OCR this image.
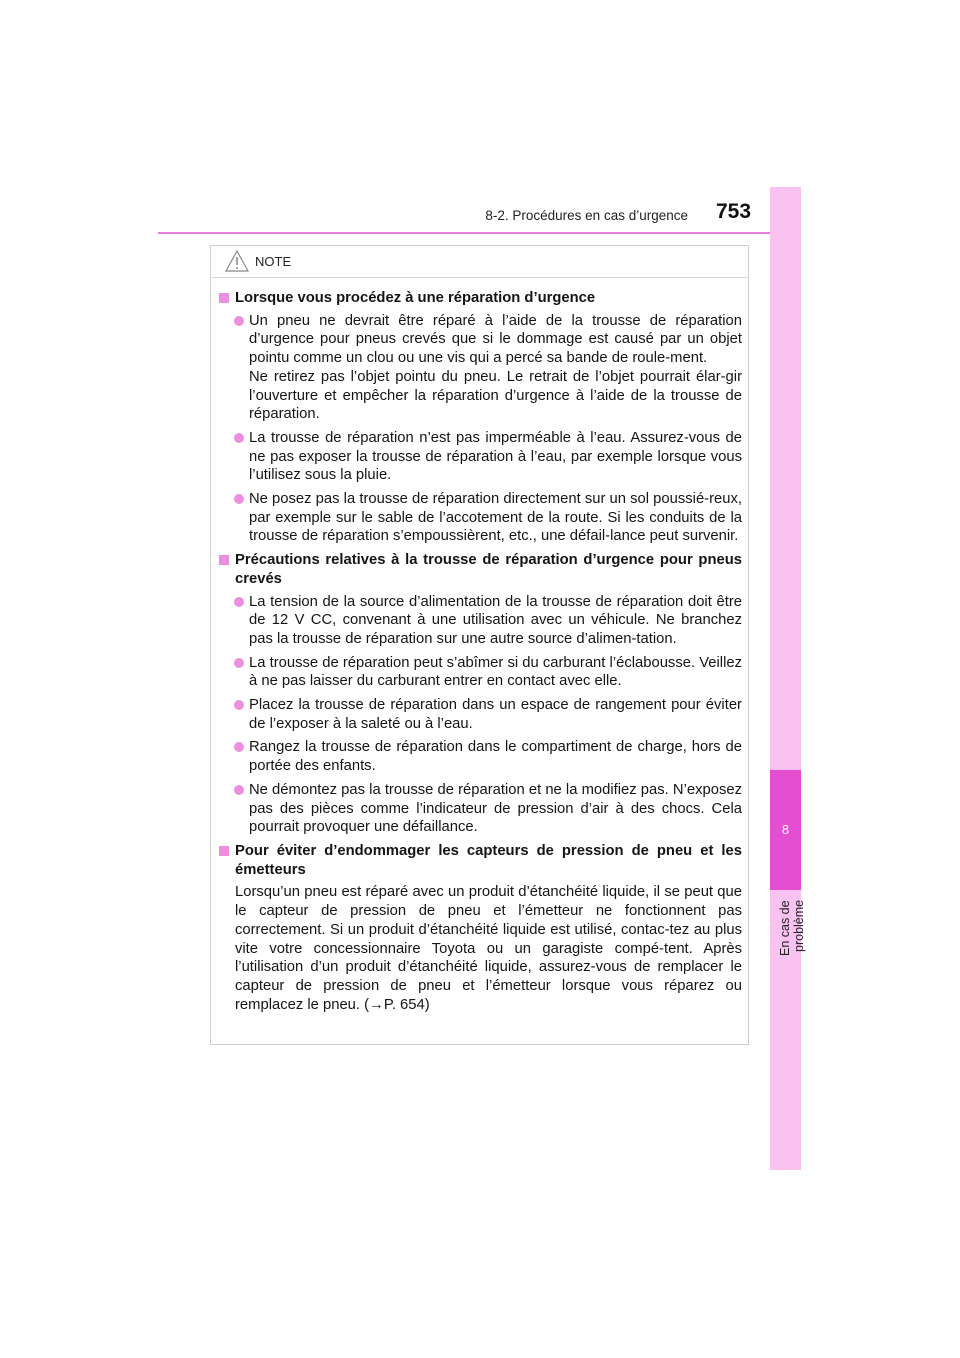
8-2. Procédures en cas d’urgence 753
8
En cas de problème
NOTE
Lorsque vous procédez à une réparation d’urgence
Un pneu ne devrait être réparé à l’aide de la trousse de réparation d’urgence pour pneus crevés que si le dommage est causé par un objet pointu comme un clou ou une vis qui a percé sa bande de roule-ment.
Ne retirez pas l’objet pointu du pneu. Le retrait de l’objet pourrait élar-gir l’ouverture et empêcher la réparation d’urgence à l’aide de la trousse de réparation.
La trousse de réparation n’est pas imperméable à l’eau. Assurez-vous de ne pas exposer la trousse de réparation à l’eau, par exemple lorsque vous l’utilisez sous la pluie.
Ne posez pas la trousse de réparation directement sur un sol poussié-reux, par exemple sur le sable de l’accotement de la route. Si les conduits de la trousse de réparation s’empoussièrent, etc., une défail-lance peut survenir.
Précautions relatives à la trousse de réparation d’urgence pour pneus crevés
La tension de la source d’alimentation de la trousse de réparation doit être de 12 V CC, convenant à une utilisation avec un véhicule. Ne branchez pas la trousse de réparation sur une autre source d’alimen-tation.
La trousse de réparation peut s’abîmer si du carburant l’éclabousse. Veillez à ne pas laisser du carburant entrer en contact avec elle.
Placez la trousse de réparation dans un espace de rangement pour éviter de l’exposer à la saleté ou à l’eau.
Rangez la trousse de réparation dans le compartiment de charge, hors de portée des enfants.
Ne démontez pas la trousse de réparation et ne la modifiez pas. N’exposez pas des pièces comme l’indicateur de pression d’air à des chocs. Cela pourrait provoquer une défaillance.
Pour éviter d’endommager les capteurs de pression de pneu et les émetteurs
Lorsqu’un pneu est réparé avec un produit d’étanchéité liquide, il se peut que le capteur de pression de pneu et l’émetteur ne fonctionnent pas correctement. Si un produit d’étanchéité liquide est utilisé, contac-tez au plus vite votre concessionnaire Toyota ou un garagiste compé-tent. Après l’utilisation d’un produit d’étanchéité liquide, assurez-vous de remplacer le capteur de pression de pneu et l’émetteur lorsque vous réparez ou remplacez le pneu. (→P. 654)
